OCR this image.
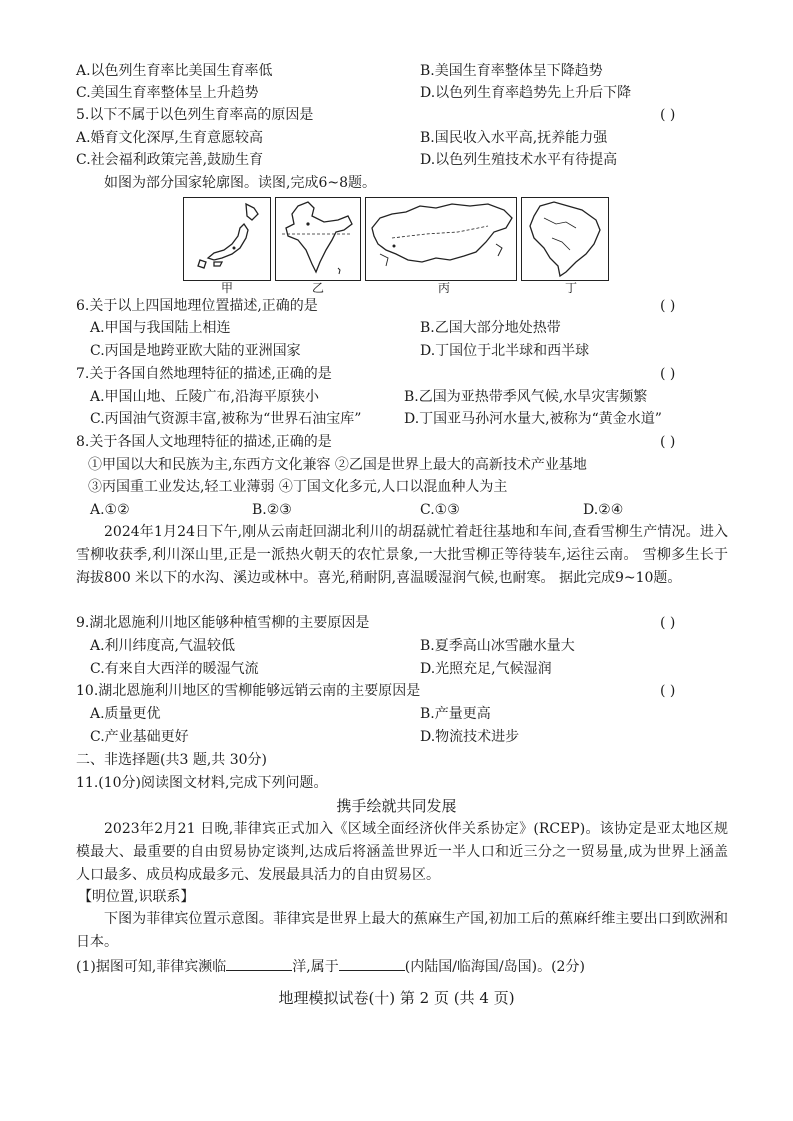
A.以色列生育率比美国生育率低	B.美国生育率整体呈下降趋势
C.美国生育率整体呈上升趋势	D.以色列生育率趋势先上升后下降
5.以下不属于以色列生育率高的原因是	( )
A.婚育文化深厚,生育意愿较高	B.国民收入水平高,抚养能力强
C.社会福利政策完善,鼓励生育	D.以色列生殖技术水平有待提高
如图为部分国家轮廓图。读图,完成6~8题。
甲	乙	丙	丁
6.关于以上四国地理位置描述,正确的是	( )
A.甲国与我国陆上相连	B.乙国大部分地处热带
C.丙国是地跨亚欧大陆的亚洲国家	D.丁国位于北半球和西半球
7.关于各国自然地理特征的描述,正确的是	( )
A.甲国山地、丘陵广布,沿海平原狭小	B.乙国为亚热带季风气候,水旱灾害频繁
C.丙国油气资源丰富,被称为“世界石油宝库”	D.丁国亚马孙河水量大,被称为“黄金水道”
8.关于各国人文地理特征的描述,正确的是	( )
①甲国以大和民族为主,东西方文化兼容 ②乙国是世界上最大的高新技术产业基地
③丙国重工业发达,轻工业薄弱 ④丁国文化多元,人口以混血种人为主
A.①②	B.②③	C.①③	D.②④
2024年1月24日下午,刚从云南赶回湖北利川的胡磊就忙着赶往基地和车间,查看雪柳生产情况。进入雪柳收获季,利川深山里,正是一派热火朝天的农忙景象,一大批雪柳正等待装车,运往云南。 雪柳多生长于海拔800 米以下的水沟、溪边或林中。喜光,稍耐阴,喜温暖湿润气候,也耐寒。 据此完成9~10题。
9.湖北恩施利川地区能够种植雪柳的主要原因是	( )
A.利川纬度高,气温较低	B.夏季高山冰雪融水量大
C.有来自大西洋的暖湿气流	D.光照充足,气候湿润
10.湖北恩施利川地区的雪柳能够远销云南的主要原因是	( )
A.质量更优	B.产量更高
C.产业基础更好	D.物流技术进步
二、非选择题(共3 题,共 30分)
11.(10分)阅读图文材料,完成下列问题。
携手绘就共同发展
2023年2月21 日晚,菲律宾正式加入《区域全面经济伙伴关系协定》(RCEP)。该协定是亚太地区规模最大、最重要的自由贸易协定谈判,达成后将涵盖世界近一半人口和近三分之一贸易量,成为世界上涵盖人口最多、成员构成最多元、发展最具活力的自由贸易区。
【明位置,识联系】
下图为菲律宾位置示意图。菲律宾是世界上最大的蕉麻生产国,初加工后的蕉麻纤维主要出口到欧洲和日本。
(1)据图可知,菲律宾濒临	洋,属于	(内陆国/临海国/岛国)。(2分)
地理模拟试卷(十) 第 2 页 (共 4 页)
